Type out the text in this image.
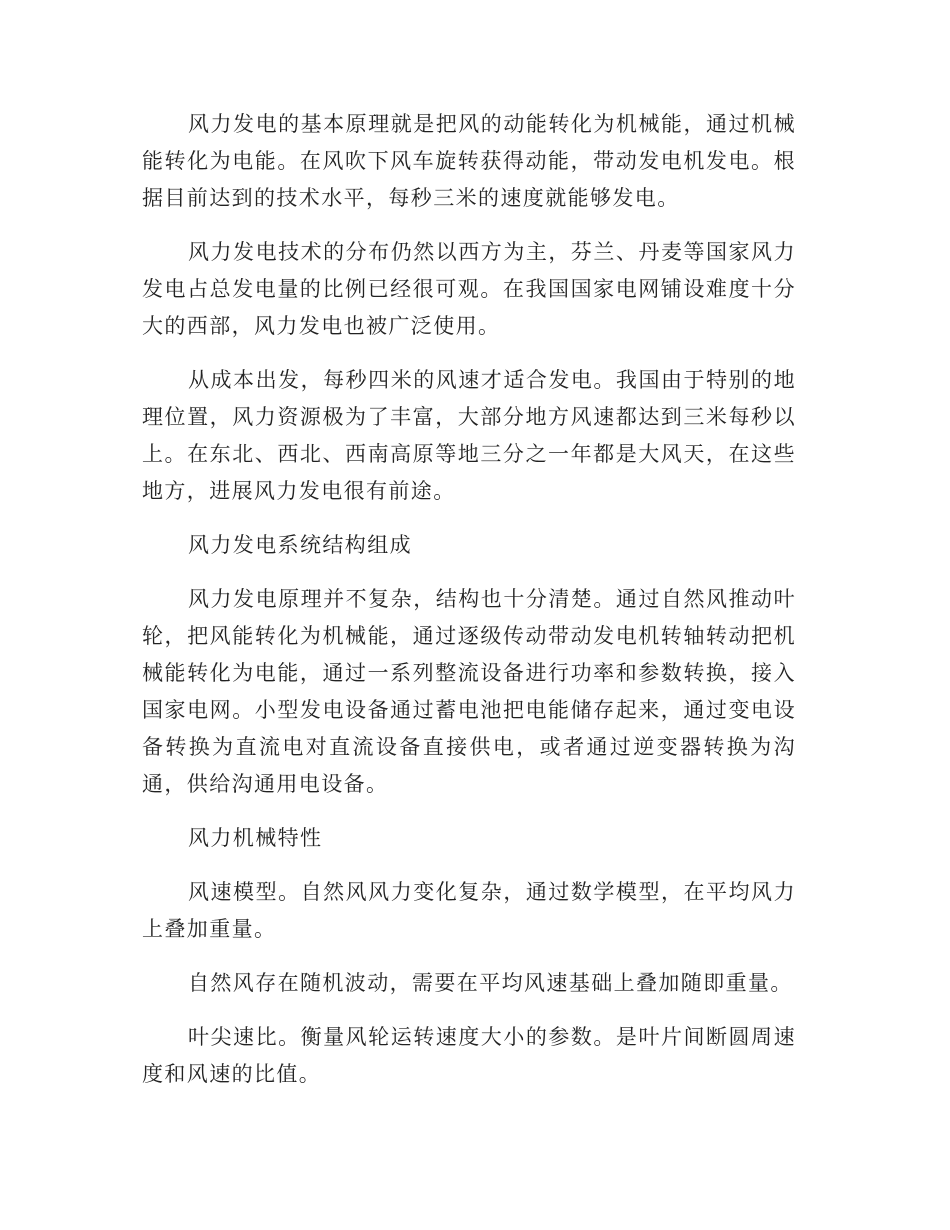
风力发电的基本原理就是把风的动能转化为机械能，通过机械能转化为电能。在风吹下风车旋转获得动能，带动发电机发电。根据目前达到的技术水平，每秒三米的速度就能够发电。

风力发电技术的分布仍然以西方为主，芬兰、丹麦等国家风力发电占总发电量的比例已经很可观。在我国国家电网铺设难度十分大的西部，风力发电也被广泛使用。

从成本出发，每秒四米的风速才适合发电。我国由于特别的地理位置，风力资源极为了丰富，大部分地方风速都达到三米每秒以上。在东北、西北、西南高原等地三分之一年都是大风天，在这些地方，进展风力发电很有前途。

风力发电系统结构组成

风力发电原理并不复杂，结构也十分清楚。通过自然风推动叶轮，把风能转化为机械能，通过逐级传动带动发电机转轴转动把机械能转化为电能，通过一系列整流设备进行功率和参数转换，接入国家电网。小型发电设备通过蓄电池把电能储存起来，通过变电设备转换为直流电对直流设备直接供电，或者通过逆变器转换为沟通，供给沟通用电设备。

风力机械特性

风速模型。自然风风力变化复杂，通过数学模型，在平均风力上叠加重量。

自然风存在随机波动，需要在平均风速基础上叠加随即重量。

叶尖速比。衡量风轮运转速度大小的参数。是叶片间断圆周速度和风速的比值。
